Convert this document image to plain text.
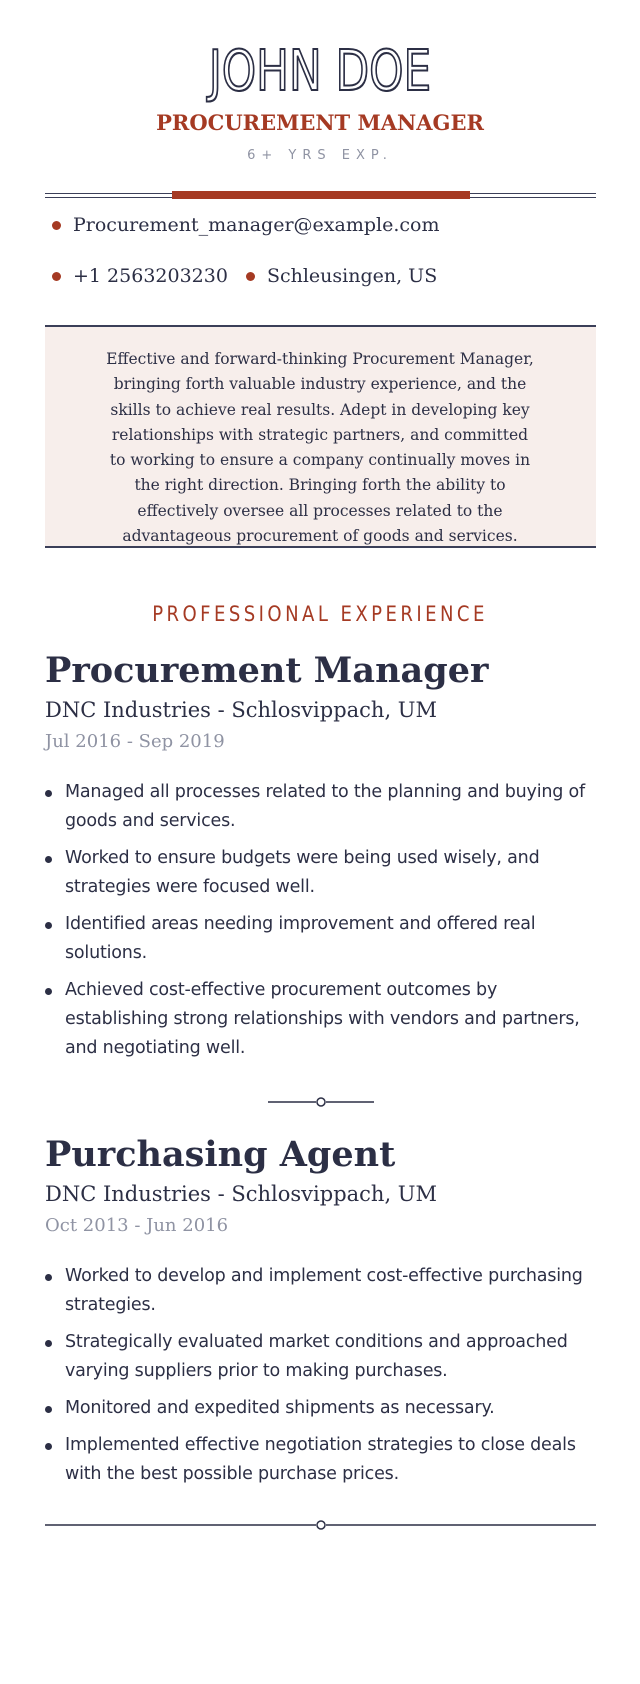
JOHN DOE
PROCUREMENT MANAGER
6+ YRS EXP.
Procurement_manager@example.com
+1 2563203230 Schleusingen, US
Effective and forward-thinking Procurement Manager, bringing forth valuable industry experience, and the skills to achieve real results. Adept in developing key relationships with strategic partners, and committed to working to ensure a company continually moves in the right direction. Bringing forth the ability to effectively oversee all processes related to the advantageous procurement of goods and services.
PROFESSIONAL EXPERIENCE
Procurement Manager
DNC Industries - Schlosvippach, UM
Jul 2016 - Sep 2019
Managed all processes related to the planning and buying of goods and services.
Worked to ensure budgets were being used wisely, and strategies were focused well.
Identified areas needing improvement and offered real solutions.
Achieved cost-effective procurement outcomes by establishing strong relationships with vendors and partners, and negotiating well.
Purchasing Agent
DNC Industries - Schlosvippach, UM
Oct 2013 - Jun 2016
Worked to develop and implement cost-effective purchasing strategies.
Strategically evaluated market conditions and approached varying suppliers prior to making purchases.
Monitored and expedited shipments as necessary.
Implemented effective negotiation strategies to close deals with the best possible purchase prices.
